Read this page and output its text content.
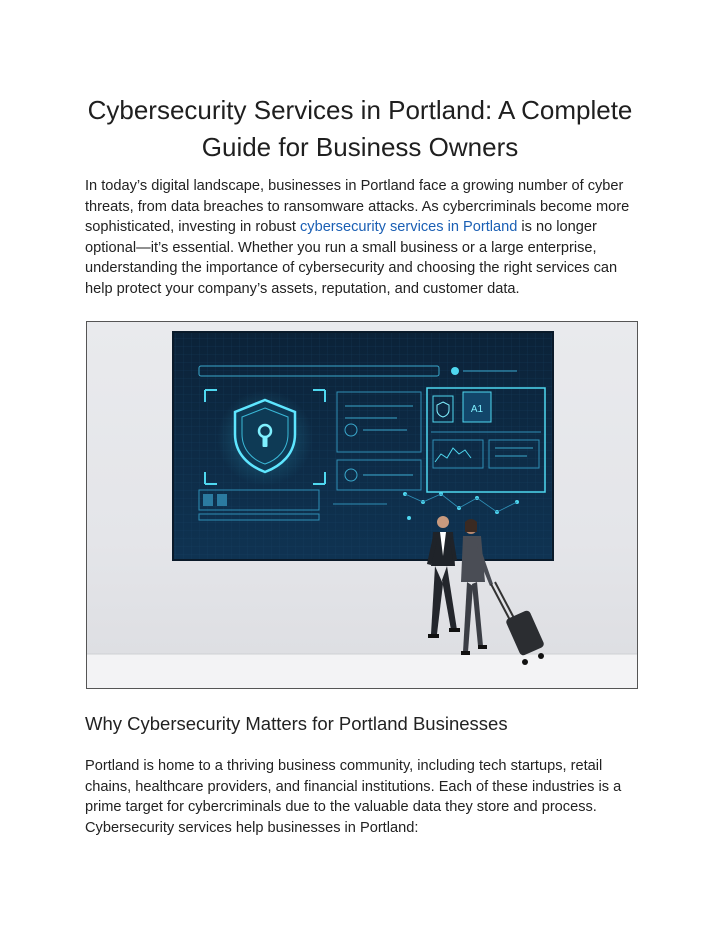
Cybersecurity Services in Portland: A Complete Guide for Business Owners

In today’s digital landscape, businesses in Portland face a growing number of cyber threats, from data breaches to ransomware attacks. As cybercriminals become more sophisticated, investing in robust cybersecurity services in Portland is no longer optional—it’s essential. Whether you run a small business or a large enterprise, understanding the importance of cybersecurity and choosing the right services can help protect your company’s assets, reputation, and customer data.

A1
Why Cybersecurity Matters for Portland Businesses

Portland is home to a thriving business community, including tech startups, retail chains, healthcare providers, and financial institutions. Each of these industries is a prime target for cybercriminals due to the valuable data they store and process. Cybersecurity services help businesses in Portland:
